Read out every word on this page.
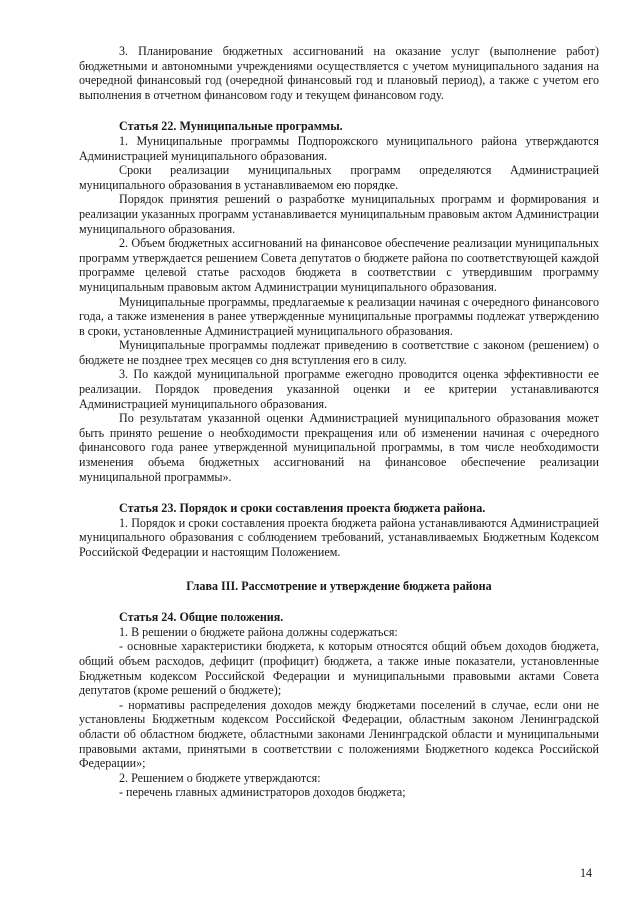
3. Планирование бюджетных ассигнований на оказание услуг (выполнение работ) бюджетными и автономными учреждениями осуществляется с учетом муниципального задания на очередной финансовый год (очередной финансовый год и плановый период), а также с учетом его выполнения в отчетном финансовом году и текущем финансовом году.

Статья 22. Муниципальные программы.

1. Муниципальные программы Подпорожского муниципального района утверждаются Администрацией муниципального образования.

Сроки реализации муниципальных программ определяются Администрацией муниципального образования в устанавливаемом ею порядке.

Порядок принятия решений о разработке муниципальных программ и формирования и реализации указанных программ устанавливается муниципальным правовым актом Администрации муниципального образования.

2. Объем бюджетных ассигнований на финансовое обеспечение реализации муниципальных программ утверждается решением Совета депутатов о бюджете района по соответствующей каждой программе целевой статье расходов бюджета в соответствии с утвердившим программу муниципальным правовым актом Администрации муниципального образования.

Муниципальные программы, предлагаемые к реализации начиная с очередного финансового года, а также изменения в ранее утвержденные муниципальные программы подлежат утверждению в сроки, установленные Администрацией муниципального образования.

Муниципальные программы подлежат приведению в соответствие с законом (решением) о бюджете не позднее трех месяцев со дня вступления его в силу.

3. По каждой муниципальной программе ежегодно проводится оценка эффективности ее реализации. Порядок проведения указанной оценки и ее критерии устанавливаются Администрацией муниципального образования.

По результатам указанной оценки Администрацией муниципального образования может быть принято решение о необходимости прекращения или об изменении начиная с очередного финансового года ранее утвержденной муниципальной программы, в том числе необходимости изменения объема бюджетных ассигнований на финансовое обеспечение реализации муниципальной программы».

Статья 23. Порядок и сроки составления проекта бюджета района.

1. Порядок и сроки составления проекта бюджета района устанавливаются Администрацией муниципального образования с соблюдением требований, устанавливаемых Бюджетным Кодексом Российской Федерации и настоящим Положением.

Глава III. Рассмотрение и утверждение бюджета района

Статья 24. Общие положения.

1. В решении о бюджете района должны содержаться:

- основные характеристики бюджета, к которым относятся общий объем доходов бюджета, общий объем расходов, дефицит (профицит) бюджета, а также иные показатели, установленные Бюджетным кодексом Российской Федерации и муниципальными правовыми актами Совета депутатов (кроме решений о бюджете);

- нормативы распределения доходов между бюджетами поселений в случае, если они не установлены Бюджетным кодексом Российской Федерации, областным законом Ленинградской области об областном бюджете, областными законами Ленинградской области и муниципальными правовыми актами, принятыми в соответствии с положениями Бюджетного кодекса Российской Федерации»;

2. Решением о бюджете утверждаются:

- перечень главных администраторов доходов бюджета;

14
